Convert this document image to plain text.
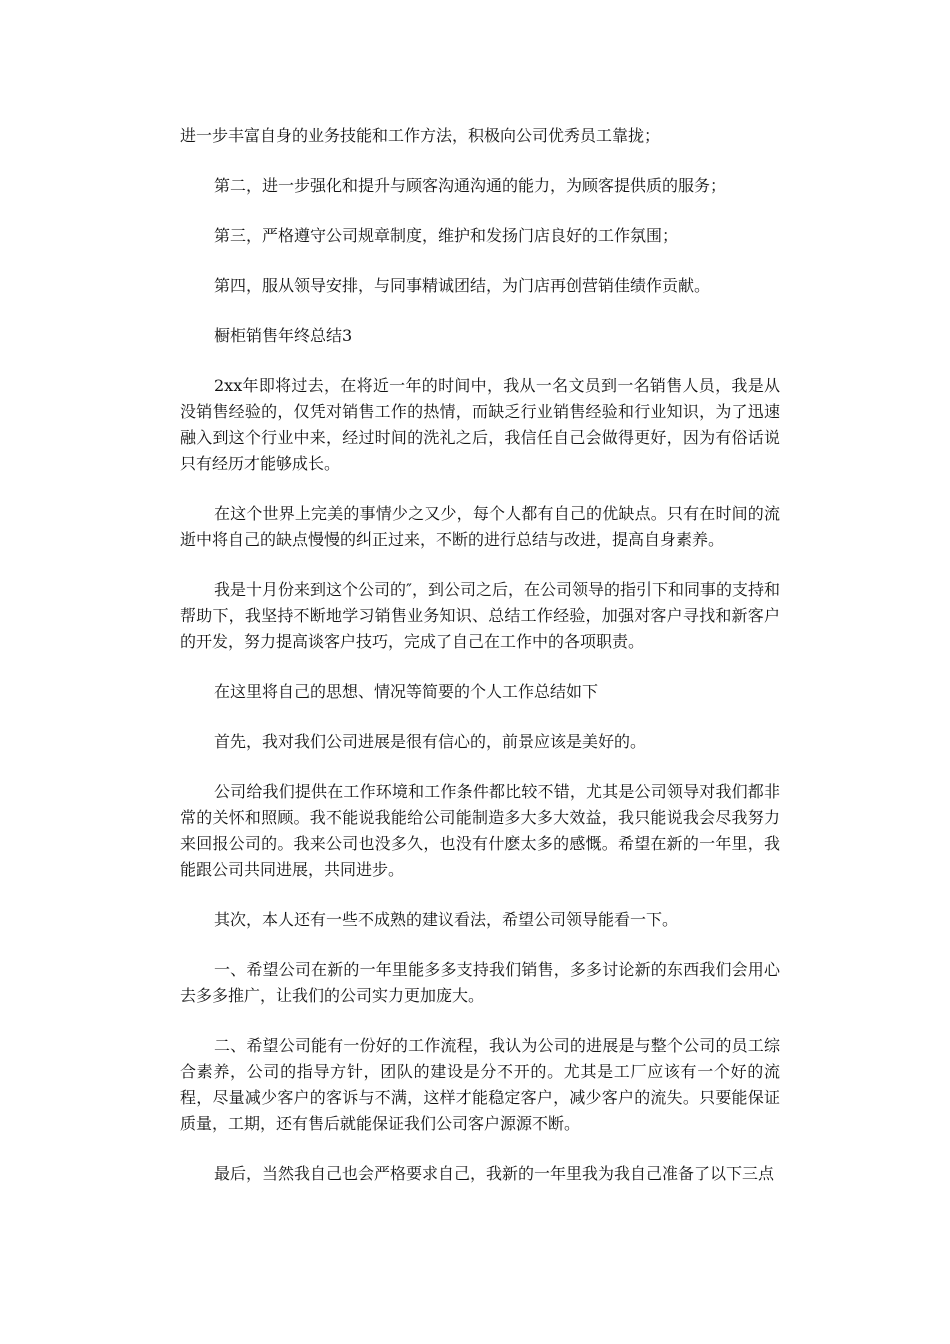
进一步丰富自身的业务技能和工作方法，积极向公司优秀员工靠拢；

第二，进一步强化和提升与顾客沟通沟通的能力，为顾客提供质的服务；

第三，严格遵守公司规章制度，维护和发扬门店良好的工作氛围；

第四，服从领导安排，与同事精诚团结，为门店再创营销佳绩作贡献。

橱柜销售年终总结3

2xx年即将过去，在将近一年的时间中，我从一名文员到一名销售人员，我是从没销售经验的，仅凭对销售工作的热情，而缺乏行业销售经验和行业知识，为了迅速融入到这个行业中来，经过时间的洗礼之后，我信任自己会做得更好，因为有俗话说只有经历才能够成长。

在这个世界上完美的事情少之又少，每个人都有自己的优缺点。只有在时间的流逝中将自己的缺点慢慢的纠正过来，不断的进行总结与改进，提高自身素养。

我是十月份来到这个公司的″，到公司之后，在公司领导的指引下和同事的支持和帮助下，我坚持不断地学习销售业务知识、总结工作经验，加强对客户寻找和新客户的开发，努力提高谈客户技巧，完成了自己在工作中的各项职责。

在这里将自己的思想、情况等简要的个人工作总结如下

首先，我对我们公司进展是很有信心的，前景应该是美好的。

公司给我们提供在工作环境和工作条件都比较不错，尤其是公司领导对我们都非常的关怀和照顾。我不能说我能给公司能制造多大多大效益，我只能说我会尽我努力来回报公司的。我来公司也没多久，也没有什麽太多的感慨。希望在新的一年里，我能跟公司共同进展，共同进步。

其次，本人还有一些不成熟的建议看法，希望公司领导能看一下。

一、希望公司在新的一年里能多多支持我们销售，多多讨论新的东西我们会用心去多多推广，让我们的公司实力更加庞大。

二、希望公司能有一份好的工作流程，我认为公司的进展是与整个公司的员工综合素养，公司的指导方针，团队的建设是分不开的。尤其是工厂应该有一个好的流程，尽量减少客户的客诉与不满，这样才能稳定客户，减少客户的流失。只要能保证质量，工期，还有售后就能保证我们公司客户源源不断。

最后，当然我自己也会严格要求自己，我新的一年里我为我自己准备了以下三点
